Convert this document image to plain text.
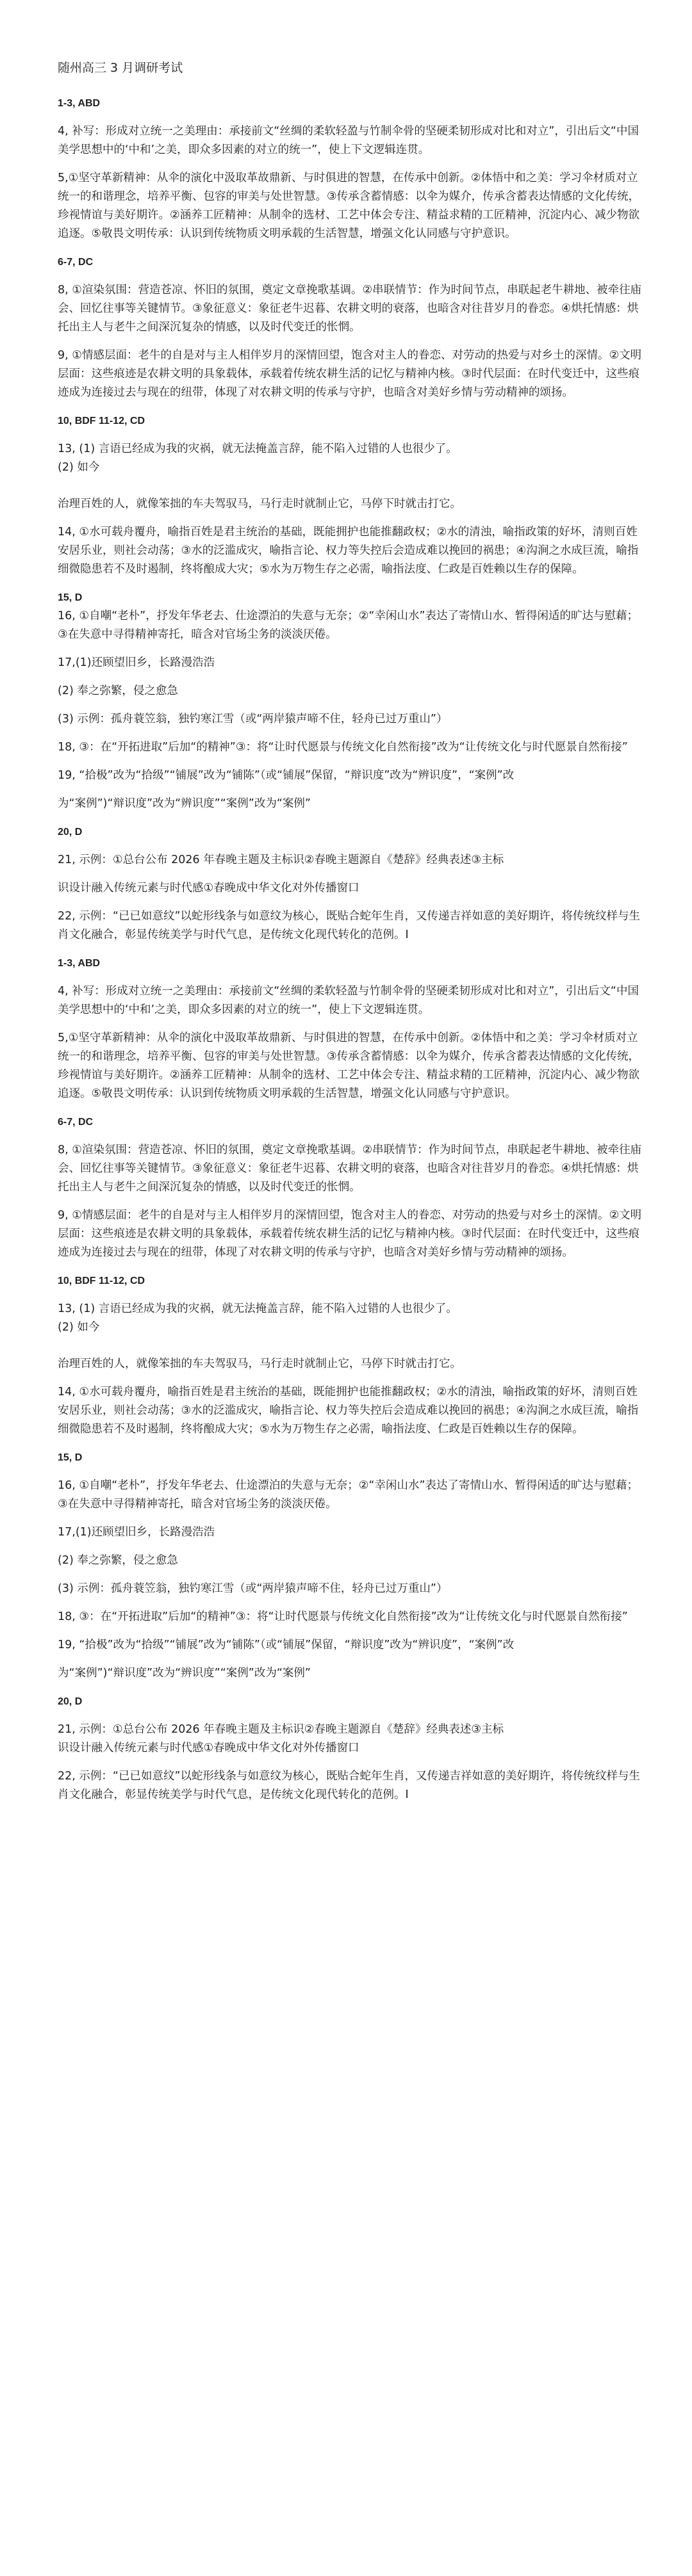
随州高三 3 月调研考试
1-3, ABD
4, 补写：形成对立统一之美理由：承接前文“丝绸的柔软轻盈与竹制伞骨的坚硬柔韧形成对比和对立”，引出后文“中国美学思想中的‘中和’之美，即众多因素的对立的统一”，使上下文逻辑连贯。
5,①坚守革新精神：从伞的演化中汲取革故鼎新、与时俱进的智慧，在传承中创新。②体悟中和之美：学习伞材质对立统一的和谐理念，培养平衡、包容的审美与处世智慧。③传承含蓄情感：以伞为媒介，传承含蓄表达情感的文化传统，珍视情谊与美好期许。②涵养工匠精神：从制伞的选材、工艺中体会专注、精益求精的工匠精神，沉淀内心、减少物欲追逐。⑤敬畏文明传承：认识到传统物质文明承载的生活智慧，增强文化认同感与守护意识。
6-7, DC
8, ①渲染氛围：营造苍凉、怀旧的氛围，奠定文章挽歌基调。②串联情节：作为时间节点，串联起老牛耕地、被牵往庙会、回忆往事等关键情节。③象征意义：象征老牛迟暮、农耕文明的衰落，也暗含对往昔岁月的眷恋。④烘托情感：烘托出主人与老牛之间深沉复杂的情感，以及时代变迁的怅惘。
9, ①情感层面：老牛的自是对与主人相伴岁月的深情回望，饱含对主人的眷恋、对劳动的热爱与对乡土的深情。②文明层面：这些痕迹是农耕文明的具象载体，承载着传统农耕生活的记忆与精神内核。③时代层面：在时代变迁中，这些痕迹成为连接过去与现在的纽带，体现了对农耕文明的传承与守护，也暗含对美好乡情与劳动精神的颂扬。
10, BDF 11-12, CD
13, (1) 言语已经成为我的灾祸，就无法掩盖言辞，能不陷入过错的人也很少了。
(2) 如今
治理百姓的人，就像笨拙的车夫驾驭马，马行走时就制止它，马停下时就击打它。
14, ①水可载舟覆舟，喻指百姓是君主统治的基础，既能拥护也能推翻政权；②水的清浊，喻指政策的好坏，清则百姓安居乐业，则社会动荡；③水的泛滥成灾，喻指言论、权力等失控后会造成难以挽回的祸患；④沟涧之水成巨流，喻指细微隐患若不及时遏制，终将酿成大灾；⑤水为万物生存之必需，喻指法度、仁政是百姓赖以生存的保障。
15, D
16, ①自嘲“老朴”，抒发年华老去、仕途漂泊的失意与无奈；②“幸闲山水”表达了寄情山水、暂得闲适的旷达与慰藉；③在失意中寻得精神寄托，暗含对官场尘务的淡淡厌倦。
17,(1)还顾望旧乡，长路漫浩浩
(2) 奉之弥繁，侵之愈急
(3) 示例：孤舟蓑笠翁，独钓寒江雪（或“两岸猿声啼不住，轻舟已过万重山”）
18, ③：在“开拓进取”后加“的精神”③：将“让时代愿景与传统文化自然衔接”改为“让传统文化与时代愿景自然衔接”
19, “拾极”改为“拾级”“铺展”改为“铺陈”（或“铺展”保留，“辩识度”改为“辨识度”，“案例”改
为“案例”)“辩识度”改为“辨识度”“案例”改为“案例”
20, D
21, 示例：①总台公布 2026 年春晚主题及主标识②春晚主题源自《楚辞》经典表述③主标
识设计融入传统元素与时代感①春晚成中华文化对外传播窗口
22, 示例：“已已如意纹”以蛇形线条与如意纹为核心，既贴合蛇年生肖，又传递吉祥如意的美好期许，将传统纹样与生肖文化融合，彰显传统美学与时代气息，是传统文化现代转化的范例。I
1-3, ABD
4, 补写：形成对立统一之美理由：承接前文“丝绸的柔软轻盈与竹制伞骨的坚硬柔韧形成对比和对立”，引出后文“中国美学思想中的‘中和’之美，即众多因素的对立的统一”，使上下文逻辑连贯。
5,①坚守革新精神：从伞的演化中汲取革故鼎新、与时俱进的智慧，在传承中创新。②体悟中和之美：学习伞材质对立统一的和谐理念，培养平衡、包容的审美与处世智慧。③传承含蓄情感：以伞为媒介，传承含蓄表达情感的文化传统，珍视情谊与美好期许。②涵养工匠精神：从制伞的选材、工艺中体会专注、精益求精的工匠精神，沉淀内心、减少物欲追逐。⑤敬畏文明传承：认识到传统物质文明承载的生活智慧，增强文化认同感与守护意识。
6-7, DC
8, ①渲染氛围：营造苍凉、怀旧的氛围，奠定文章挽歌基调。②串联情节：作为时间节点，串联起老牛耕地、被牵往庙会、回忆往事等关键情节。③象征意义：象征老牛迟暮、农耕文明的衰落，也暗含对往昔岁月的眷恋。④烘托情感：烘托出主人与老牛之间深沉复杂的情感，以及时代变迁的怅惘。
9, ①情感层面：老牛的自是对与主人相伴岁月的深情回望，饱含对主人的眷恋、对劳动的热爱与对乡土的深情。②文明层面：这些痕迹是农耕文明的具象载体，承载着传统农耕生活的记忆与精神内核。③时代层面：在时代变迁中，这些痕迹成为连接过去与现在的纽带，体现了对农耕文明的传承与守护，也暗含对美好乡情与劳动精神的颂扬。
10, BDF 11-12, CD
13, (1) 言语已经成为我的灾祸，就无法掩盖言辞，能不陷入过错的人也很少了。
(2) 如今
治理百姓的人，就像笨拙的车夫驾驭马，马行走时就制止它，马停下时就击打它。
14, ①水可载舟覆舟，喻指百姓是君主统治的基础，既能拥护也能推翻政权；②水的清浊，喻指政策的好坏，清则百姓安居乐业，则社会动荡；③水的泛滥成灾，喻指言论、权力等失控后会造成难以挽回的祸患；④沟涧之水成巨流，喻指细微隐患若不及时遏制，终将酿成大灾；⑤水为万物生存之必需，喻指法度、仁政是百姓赖以生存的保障。
15, D
16, ①自嘲“老朴”，抒发年华老去、仕途漂泊的失意与无奈；②“幸闲山水”表达了寄情山水、暂得闲适的旷达与慰藉；③在失意中寻得精神寄托，暗含对官场尘务的淡淡厌倦。
17,(1)还顾望旧乡，长路漫浩浩
(2) 奉之弥繁，侵之愈急
(3) 示例：孤舟蓑笠翁，独钓寒江雪（或“两岸猿声啼不住，轻舟已过万重山”）
18, ③：在“开拓进取”后加“的精神”③：将“让时代愿景与传统文化自然衔接”改为“让传统文化与时代愿景自然衔接”
19, “拾极”改为“拾级”“铺展”改为“铺陈”（或“铺展”保留，“辩识度”改为“辨识度”，“案例”改
为“案例”)“辩识度”改为“辨识度”“案例”改为“案例”
20, D
21, 示例：①总台公布 2026 年春晚主题及主标识②春晚主题源自《楚辞》经典表述③主标
识设计融入传统元素与时代感①春晚成中华文化对外传播窗口
22, 示例：“已已如意纹”以蛇形线条与如意纹为核心，既贴合蛇年生肖，又传递吉祥如意的美好期许，将传统纹样与生肖文化融合，彰显传统美学与时代气息，是传统文化现代转化的范例。I
